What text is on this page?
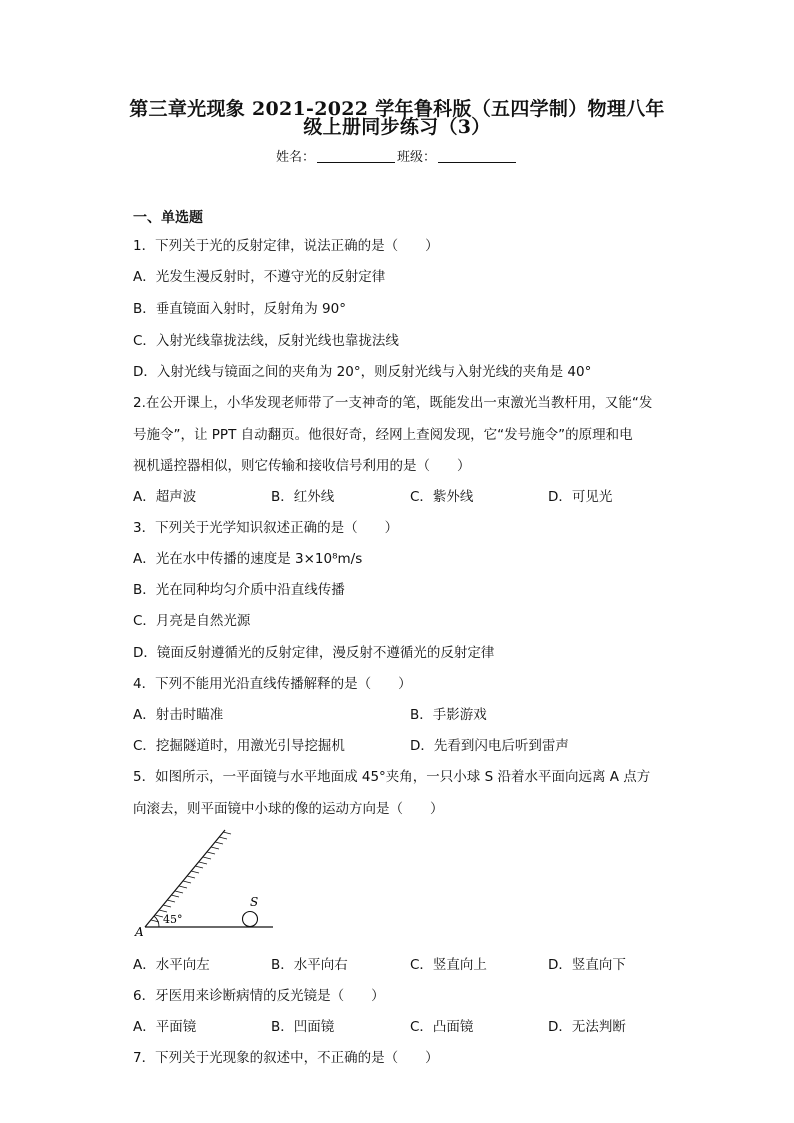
第三章光现象 2021-2022 学年鲁科版（五四学制）物理八年
级上册同步练习（3）
姓名：	班级：
一、单选题
1．下列关于光的反射定律，说法正确的是（　　）
A．光发生漫反射时，不遵守光的反射定律
B．垂直镜面入射时，反射角为 90°
C．入射光线靠拢法线，反射光线也靠拢法线
D．入射光线与镜面之间的夹角为 20°，则反射光线与入射光线的夹角是 40°
2.在公开课上，小华发现老师带了一支神奇的笔，既能发出一束激光当教杆用，又能“发
号施令”，让 PPT 自动翻页。他很好奇，经网上查阅发现，它“发号施令”的原理和电
视机遥控器相似，则它传输和接收信号利用的是（　　）
A．超声波	B．红外线	C．紫外线	D．可见光
3．下列关于光学知识叙述正确的是（　　）
A．光在水中传播的速度是 3×10⁸m/s
B．光在同种均匀介质中沿直线传播
C．月亮是自然光源
D．镜面反射遵循光的反射定律，漫反射不遵循光的反射定律
4．下列不能用光沿直线传播解释的是（　　）
A．射击时瞄准	B．手影游戏
C．挖掘隧道时，用激光引导挖掘机	D．先看到闪电后听到雷声
5．如图所示，一平面镜与水平地面成 45°夹角，一只小球 S 沿着水平面向远离 A 点方
向滚去，则平面镜中小球的像的运动方向是（　　）
45°
A
S
A．水平向左	B．水平向右	C．竖直向上	D．竖直向下
6．牙医用来诊断病情的反光镜是（　　）
A．平面镜	B．凹面镜	C．凸面镜	D．无法判断
7．下列关于光现象的叙述中，不正确的是（　　）
